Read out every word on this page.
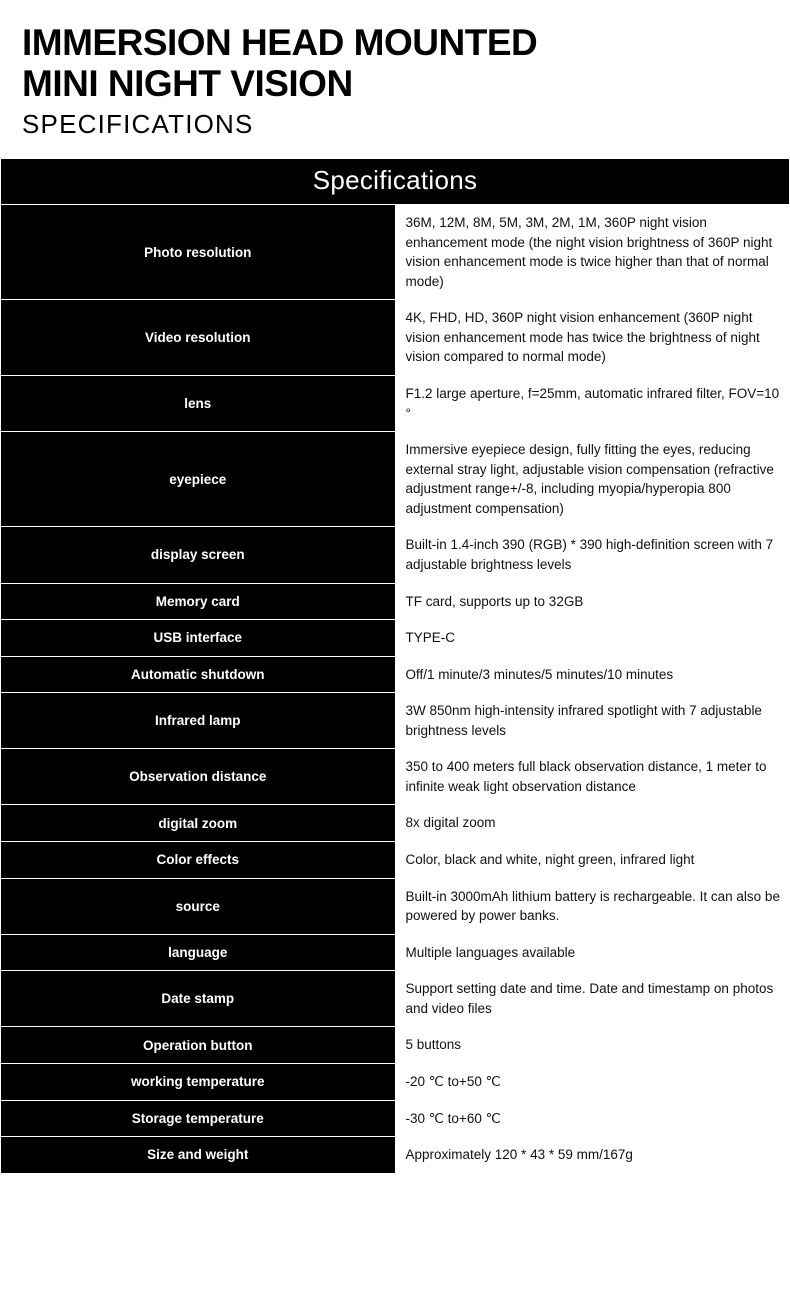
IMMERSION HEAD MOUNTED
MINI NIGHT VISION
SPECIFICATIONS
Specifications	
Photo resolution	36M, 12M, 8M, 5M, 3M, 2M, 1M, 360P night vision enhancement mode (the night vision brightness of 360P night vision enhancement mode is twice higher than that of normal mode)
Video resolution	4K, FHD, HD, 360P night vision enhancement (360P night vision enhancement mode has twice the brightness of night vision compared to normal mode)
lens	F1.2 large aperture, f=25mm, automatic infrared filter, FOV=10 °
eyepiece	Immersive eyepiece design, fully fitting the eyes, reducing external stray light, adjustable vision compensation (refractive adjustment range+/-8, including myopia/hyperopia 800 adjustment compensation)
display screen	Built-in 1.4-inch 390 (RGB) * 390 high-definition screen with 7 adjustable brightness levels
Memory card	TF card, supports up to 32GB
USB interface	TYPE-C
Automatic shutdown	Off/1 minute/3 minutes/5 minutes/10 minutes
Infrared lamp	3W 850nm high-intensity infrared spotlight with 7 adjustable brightness levels
Observation distance	350 to 400 meters full black observation distance, 1 meter to infinite weak light observation distance
digital zoom	8x digital zoom
Color effects	Color, black and white, night green, infrared light
source	Built-in 3000mAh lithium battery is rechargeable. It can also be powered by power banks.
language	Multiple languages available
Date stamp	Support setting date and time. Date and timestamp on photos and video files
Operation button	5 buttons
working temperature	-20 ℃ to+50 ℃
Storage temperature	-30 ℃ to+60 ℃
Size and weight	Approximately 120 * 43 * 59 mm/167g
